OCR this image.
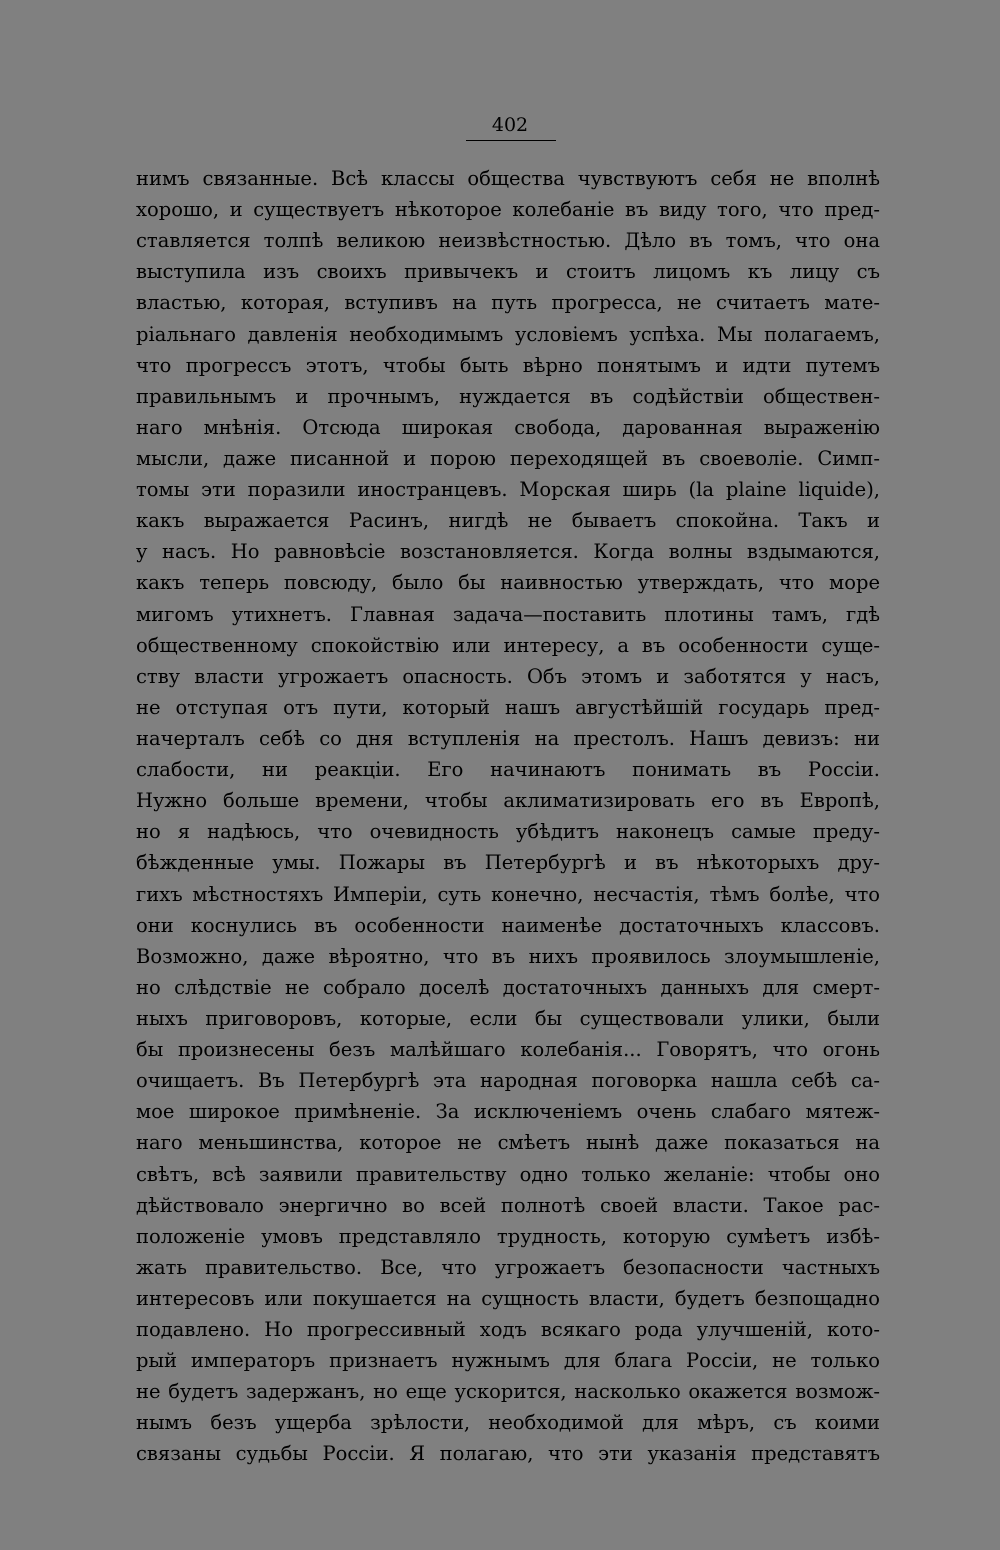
402
нимъ связанные. Всѣ классы общества чувствуютъ себя не вполнѣ
хорошо, и существуетъ нѣкоторое колебаніе въ виду того, что пред-
ставляется толпѣ великою неизвѣстностью. Дѣло въ томъ, что она
выступила изъ своихъ привычекъ и стоитъ лицомъ къ лицу съ
властью, которая, вступивъ на путь прогресса, не считаетъ мате-
ріальнаго давленія необходимымъ условіемъ успѣха. Мы полагаемъ,
что прогрессъ этотъ, чтобы быть вѣрно понятымъ и идти путемъ
правильнымъ и прочнымъ, нуждается въ содѣйствіи обществен-
наго мнѣнія. Отсюда широкая свобода, дарованная выраженію
мысли, даже писанной и порою переходящей въ своеволіе. Симп-
томы эти поразили иностранцевъ. Морская ширь (la plaine liquide),
какъ выражается Расинъ, нигдѣ не бываетъ спокойна. Такъ и
у насъ. Но равновѣсіе возстановляется. Когда волны вздымаются,
какъ теперь повсюду, было бы наивностью утверждать, что море
мигомъ утихнетъ. Главная задача—поставить плотины тамъ, гдѣ
общественному спокойствію или интересу, а въ особенности суще-
ству власти угрожаетъ опасность. Объ этомъ и заботятся у насъ,
не отступая отъ пути, который нашъ августѣйшій государь пред-
начерталъ себѣ со дня вступленія на престолъ. Нашъ девизъ: ни
слабости, ни реакціи. Его начинаютъ понимать въ Россіи.
Нужно больше времени, чтобы аклиматизировать его въ Европѣ,
но я надѣюсь, что очевидность убѣдитъ наконецъ самые преду-
бѣжденные умы. Пожары въ Петербургѣ и въ нѣкоторыхъ дру-
гихъ мѣстностяхъ Имперіи, суть конечно, несчастія, тѣмъ болѣе, что
они коснулись въ особенности наименѣе достаточныхъ классовъ.
Возможно, даже вѣроятно, что въ нихъ проявилось злоумышленіе,
но слѣдствіе не собрало доселѣ достаточныхъ данныхъ для смерт-
ныхъ приговоровъ, которые, если бы существовали улики, были
бы произнесены безъ малѣйшаго колебанія... Говорятъ, что огонь
очищаетъ. Въ Петербургѣ эта народная поговорка нашла себѣ са-
мое широкое примѣненіе. За исключеніемъ очень слабаго мятеж-
наго меньшинства, которое не смѣетъ нынѣ даже показаться на
свѣтъ, всѣ заявили правительству одно только желаніе: чтобы оно
дѣйствовало энергично во всей полнотѣ своей власти. Такое рас-
положеніе умовъ представляло трудность, которую сумѣетъ избѣ-
жать правительство. Все, что угрожаетъ безопасности частныхъ
интересовъ или покушается на сущность власти, будетъ безпощадно
подавлено. Но прогрессивный ходъ всякаго рода улучшеній, кото-
рый императоръ признаетъ нужнымъ для блага Россіи, не только
не будетъ задержанъ, но еще ускорится, насколько окажется возмож-
нымъ безъ ущерба зрѣлости, необходимой для мѣръ, съ коими
связаны судьбы Россіи. Я полагаю, что эти указанія представятъ
